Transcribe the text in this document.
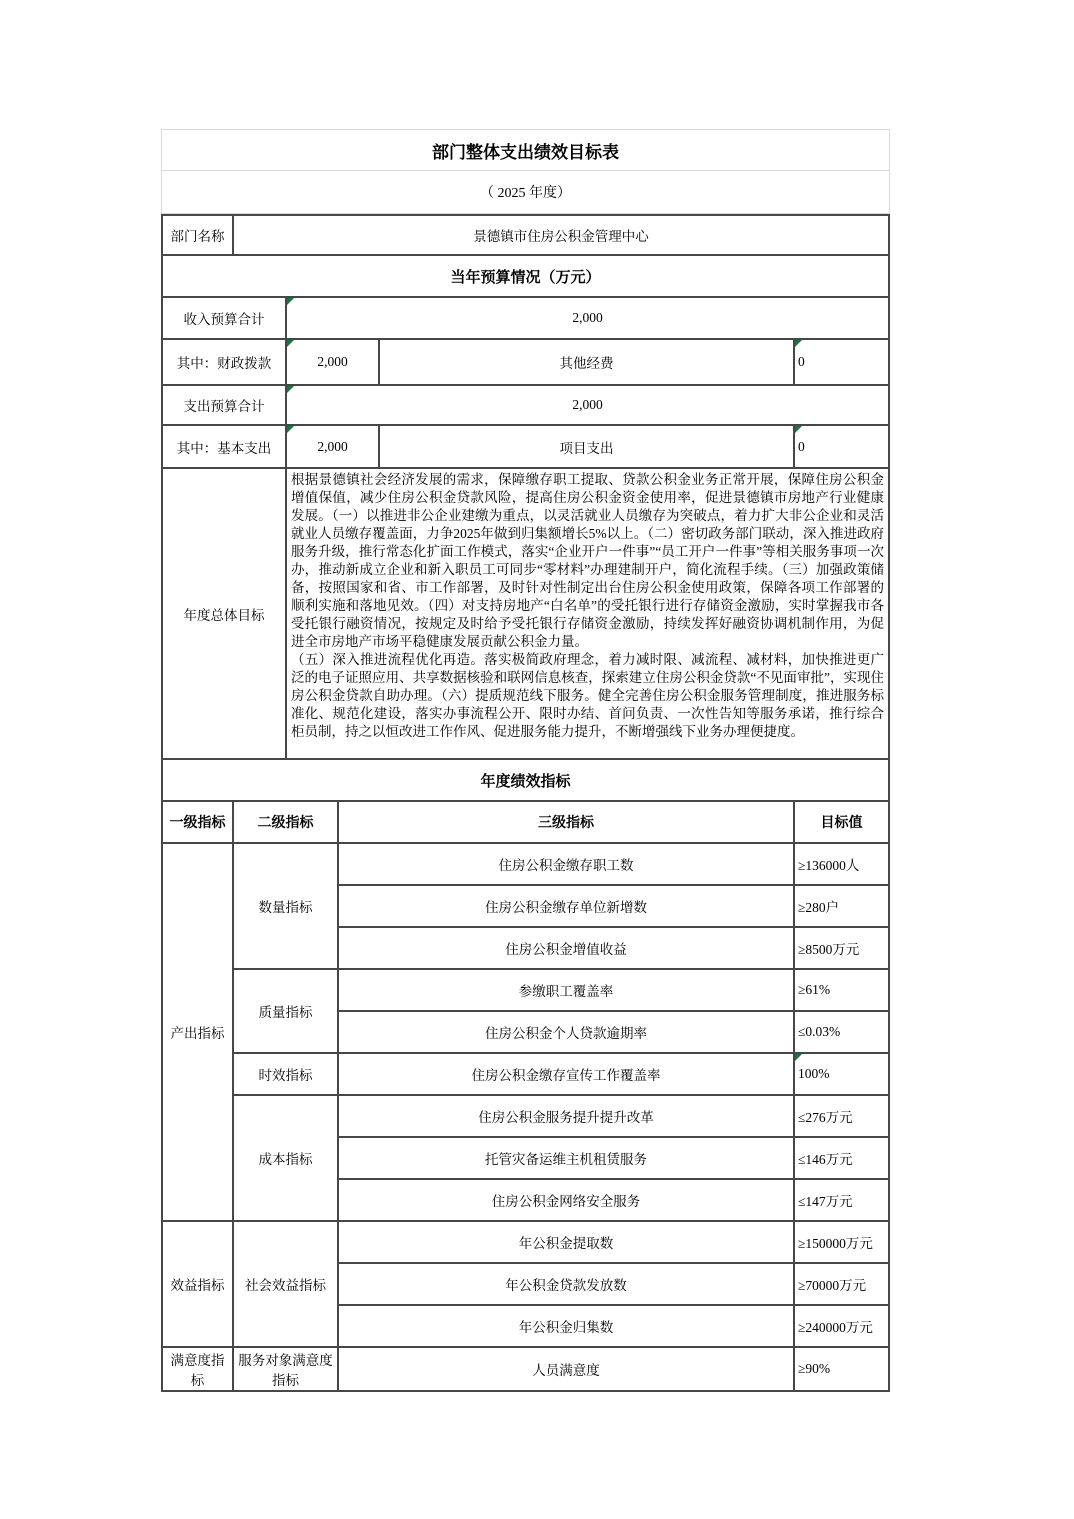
部门整体支出绩效目标表
（ 2025 年度）
部门名称	景德镇市住房公积金管理中心				
当年预算情况（万元）					
收入预算合计		2,000			
其中：财政拨款		2,000		其他经费	0
支出预算合计		2,000			
其中：基本支出		2,000		项目支出	0
年度总体目标		根据景德镇社会经济发展的需求，保障缴存职工提取、贷款公积金业务正常开展，保障住房公积金增值保值，减少住房公积金贷款风险，提高住房公积金资金使用率，促进景德镇市房地产行业健康发展。（一）以推进非公企业建缴为重点，以灵活就业人员缴存为突破点，着力扩大非公企业和灵活就业人员缴存覆盖面，力争2025年做到归集额增长5%以上。（二）密切政务部门联动，深入推进政府服务升级，推行常态化扩面工作模式，落实“企业开户一件事”“员工开户一件事”等相关服务事项一次办，推动新成立企业和新入职员工可同步“零材料”办理建制开户，简化流程手续。（三）加强政策储备，按照国家和省、市工作部署，及时针对性制定出台住房公积金使用政策，保障各项工作部署的顺利实施和落地见效。（四）对支持房地产“白名单”的受托银行进行存储资金激励，实时掌握我市各受托银行融资情况，按规定及时给予受托银行存储资金激励，持续发挥好融资协调机制作用，为促进全市房地产市场平稳健康发展贡献公积金力量。

（五）深入推进流程优化再造。落实极简政府理念，着力减时限、减流程、减材料，加快推进更广泛的电子证照应用、共享数据核验和联网信息核查，探索建立住房公积金贷款“不见面审批”，实现住房公积金贷款自助办理。（六）提质规范线下服务。健全完善住房公积金服务管理制度，推进服务标准化、规范化建设，落实办事流程公开、限时办结、首问负责、一次性告知等服务承诺，推行综合柜员制，持之以恒改进工作作风、促进服务能力提升，不断增强线下业务办理便捷度。			

年度绩效指标					
一级指标	二级指标		三级指标		目标值
产出指标	数量指标		住房公积金缴存职工数		≥136000人
			住房公积金缴存单位新增数		≥280户
			住房公积金增值收益		≥8500万元
	质量指标		参缴职工覆盖率		≥61%
			住房公积金个人贷款逾期率		≤0.03%
	时效指标		住房公积金缴存宣传工作覆盖率		100%
	成本指标		住房公积金服务提升提升改革		≤276万元
			托管灾备运维主机租赁服务		≤146万元
			住房公积金网络安全服务		≤147万元
效益指标	社会效益指标		年公积金提取数		≥150000万元
			年公积金贷款发放数		≥70000万元
			年公积金归集数		≥240000万元
满意度指标	服务对象满意度指标		人员满意度		≥90%
